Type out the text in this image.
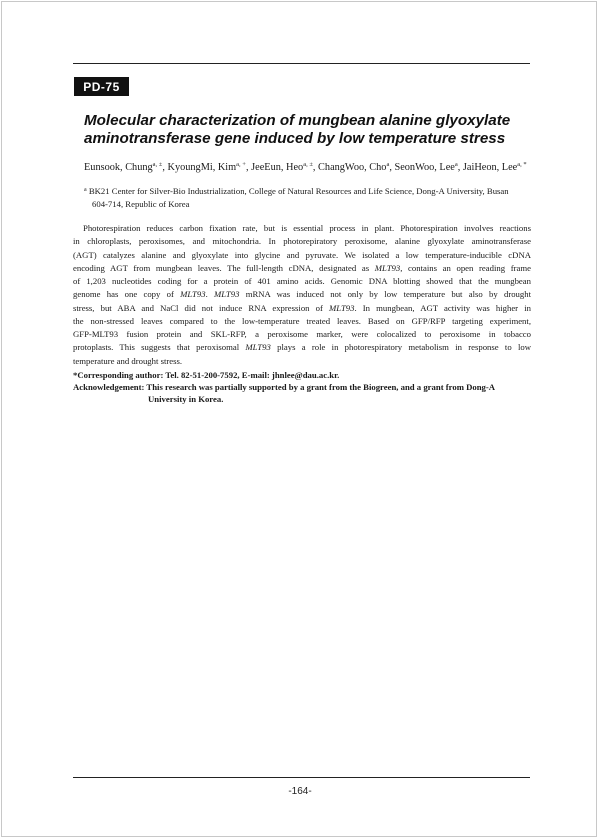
PD-75
Molecular characterization of mungbean alanine glyoxylate
aminotransferase gene induced by low temperature stress
Eunsook, Chung$^{a, \pm}$, KyoungMi, Kim$^{a, +}$, JeeEun, Heo$^{a, \pm}$, ChangWoo, Cho$^a$, SeonWoo, Lee$^a$, JaiHeon, Lee$^{a, *}$
$^a$ BK21 Center for Silver-Bio Industrialization, College of Natural Resources and Life Science, Dong-A University, Busan
604-714, Republic of Korea
Photorespiration reduces carbon fixation rate, but is essential process in plant. Photorespiration involves reactions
in chloroplasts, peroxisomes, and mitochondria. In photorepiratory peroxisome, alanine glyoxylate aminotransferase
(AGT) catalyzes alanine and glyoxylate into glycine and pyruvate. We isolated a low temperature-inducible cDNA
encoding AGT from mungbean leaves. The full-length cDNA, designated as MLT93, contains an open reading frame
of 1,203 nucleotides coding for a protein of 401 amino acids. Genomic DNA blotting showed that the mungbean
genome has one copy of MLT93. MLT93 mRNA was induced not only by low temperature but also by drought
stress, but ABA and NaCl did not induce RNA expression of MLT93. In mungbean, AGT activity was higher in
the non-stressed leaves compared to the low-temperature treated leaves. Based on GFP/RFP targeting experiment,
GFP-MLT93 fusion protein and SKL-RFP, a peroxisome marker, were colocalized to peroxisome in tobacco
protoplasts. This suggests that peroxisomal MLT93 plays a role in photorespiratory metabolism in response to low
temperature and drought stress.
*Corresponding author: Tel. 82-51-200-7592, E-mail: jhnlee@dau.ac.kr.
Acknowledgement: This research was partially supported by a grant from the Biogreen, and a grant from Dong-A
University in Korea.
-164-
